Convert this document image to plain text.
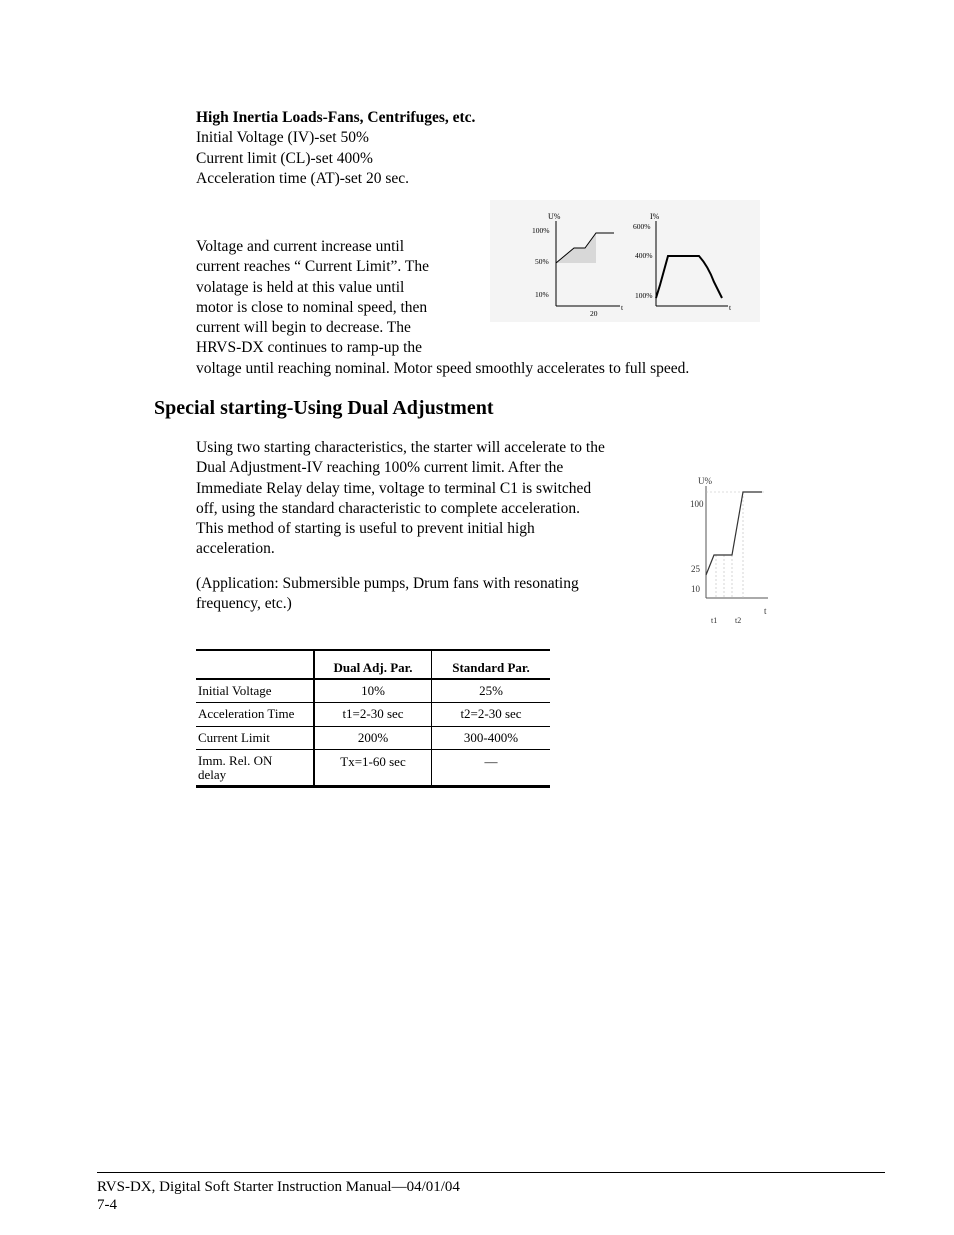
High Inertia Loads-Fans, Centrifuges, etc.
Initial Voltage (IV)-set 50%
Current limit (CL)-set 400%
Acceleration time (AT)-set 20 sec.
Voltage and current increase until
current reaches “ Current Limit”. The
volatage is held at this value until
motor is close to nominal speed, then
current will begin to decrease. The
HRVS-DX continues to ramp-up the
voltage until reaching nominal. Motor speed smoothly accelerates to full speed.
U%
100%
50%
10%
t
20
I%
600%
400%
100%
t
Special starting-Using Dual Adjustment
Using two starting characteristics, the starter will accelerate to the
Dual Adjustment-IV reaching 100% current limit. After the
Immediate Relay delay time, voltage to terminal C1 is switched
off, using the standard characteristic to complete acceleration.
This method of starting is useful to prevent initial high
acceleration.
(Application: Submersible pumps, Drum fans with resonating
frequency, etc.)
U%
100
25
10
t
t1 t2
	Dual Adj. Par.	Standard Par.
Initial Voltage	10%	25%
Acceleration Time	t1=2-30 sec	t2=2-30 sec
Current Limit	200%	300-400%

Imm. Rel. ON delay	Tx=1-60 sec	—
RVS-DX, Digital Soft Starter Instruction Manual—04/01/04
7-4
